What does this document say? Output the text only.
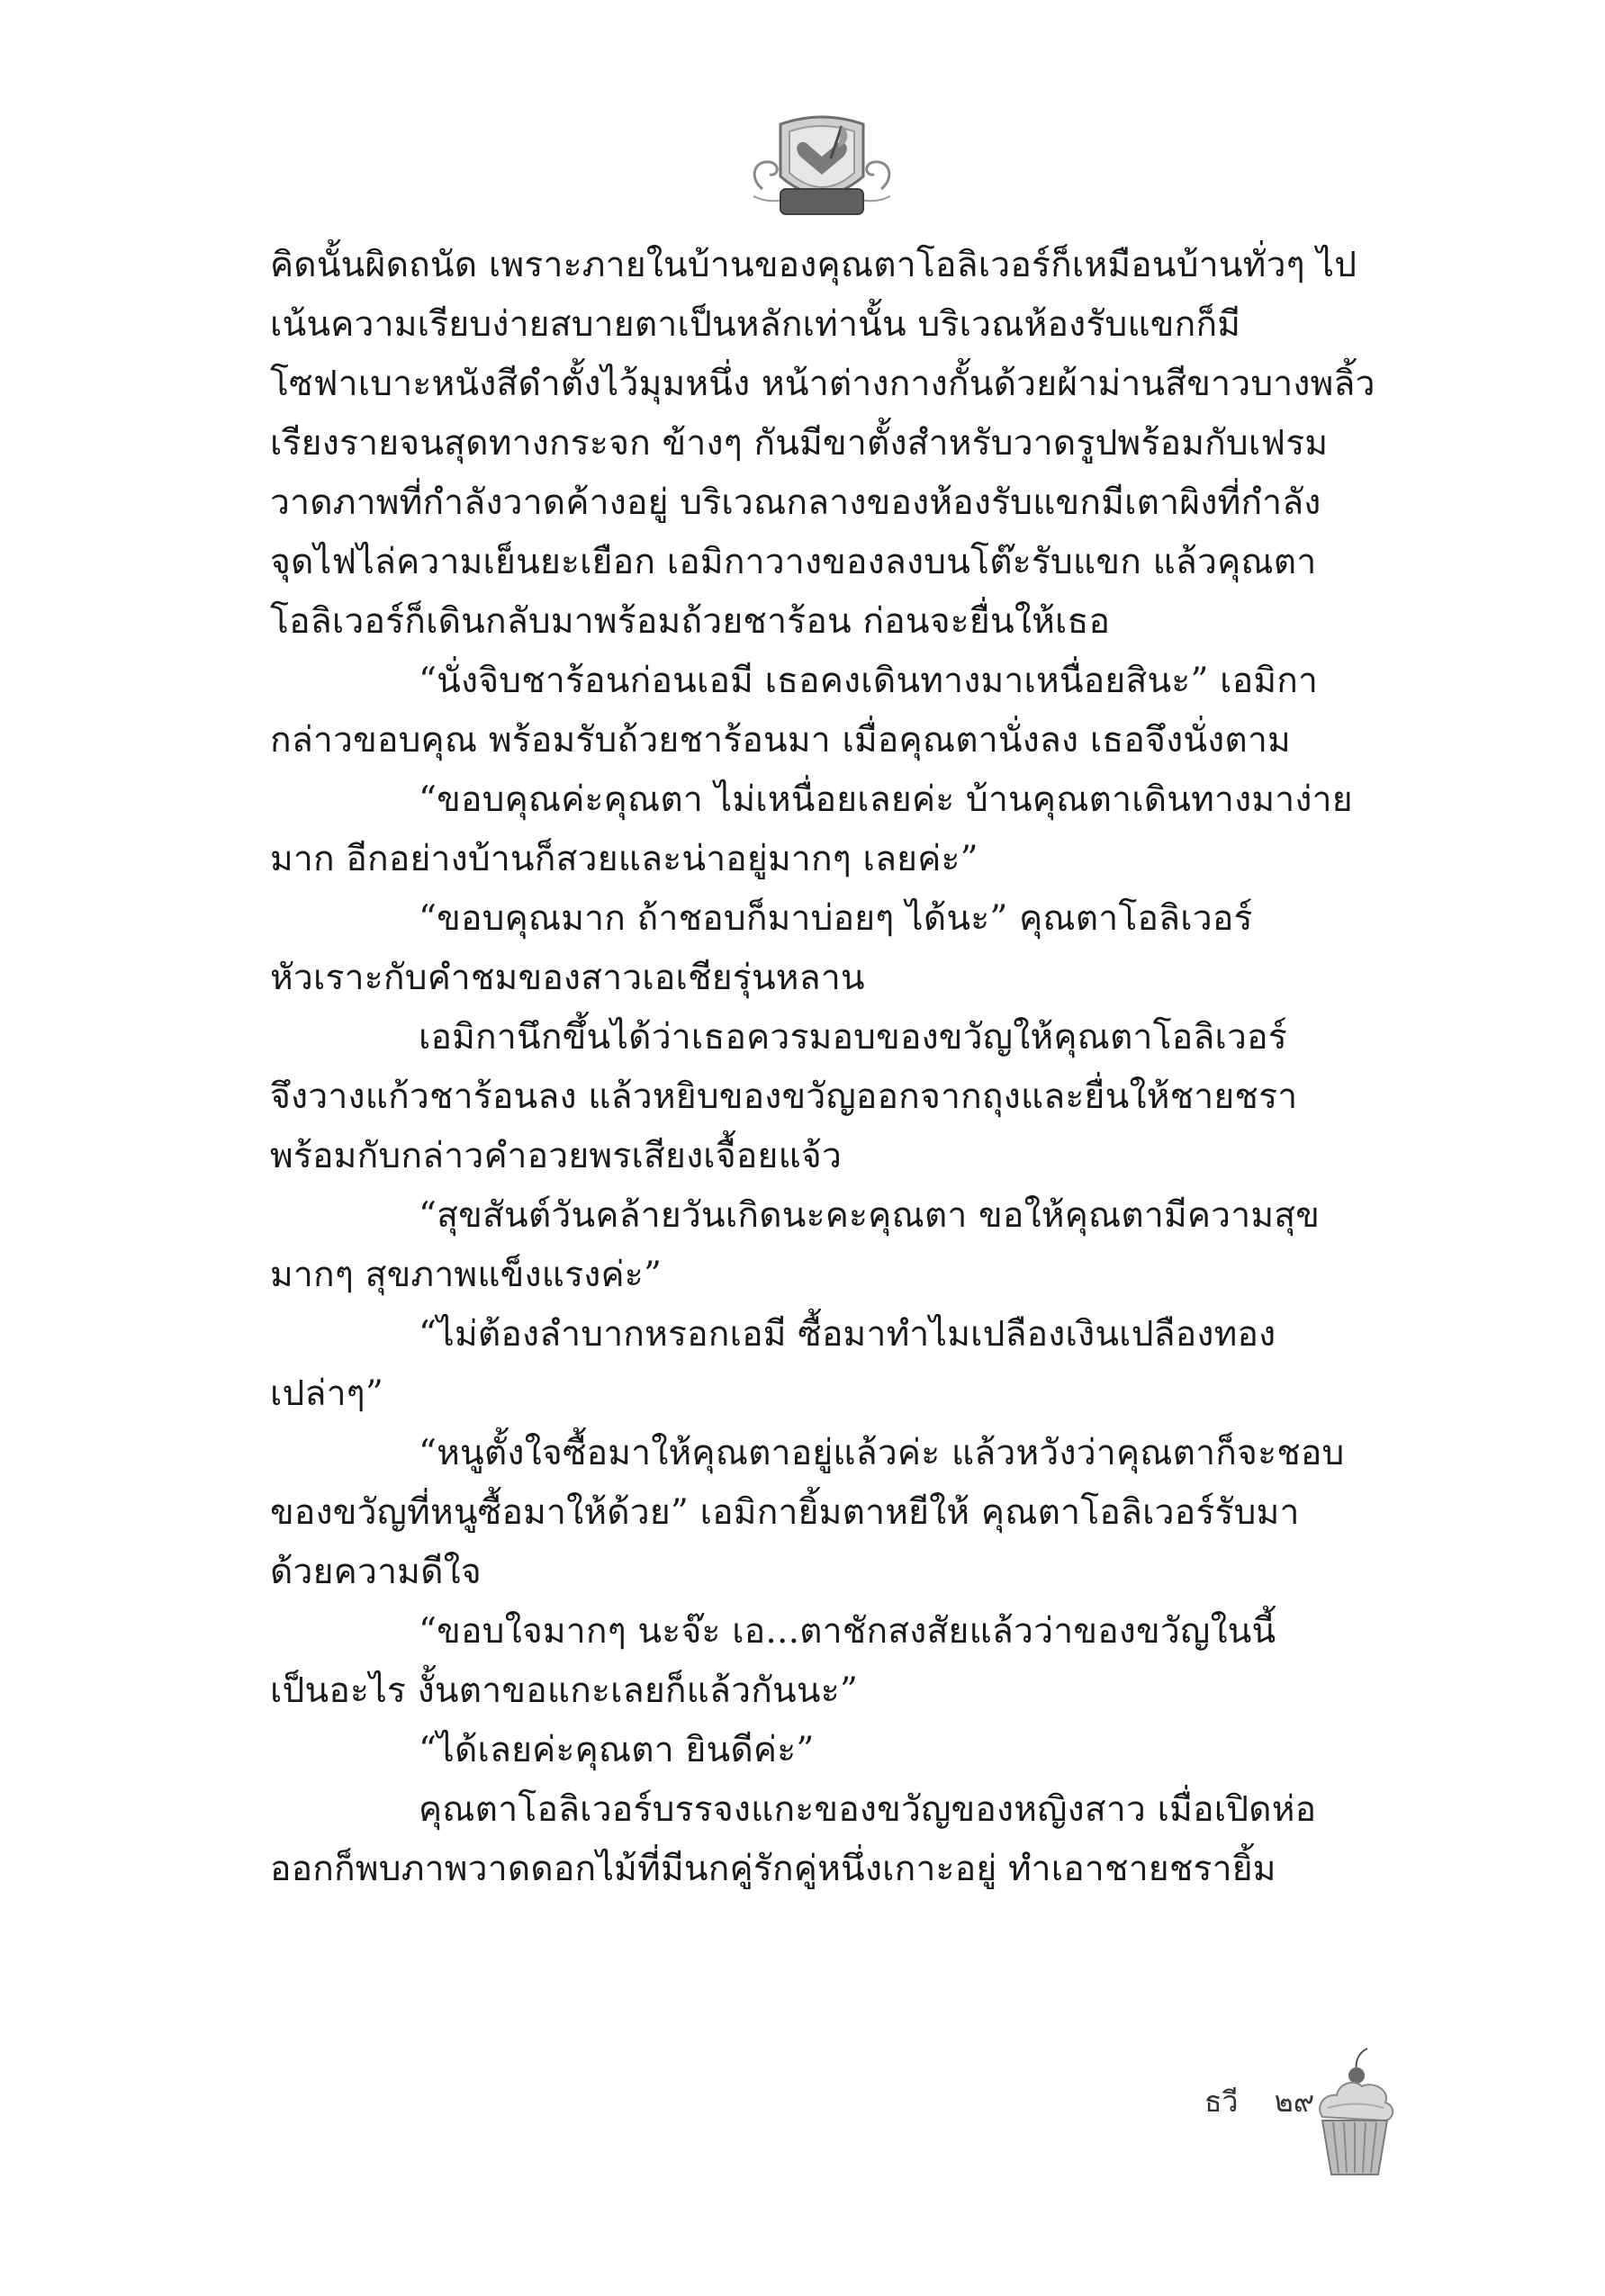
คิดนั้นผิดถนัด เพราะภายในบ้านของคุณตาโอลิเวอร์ก็เหมือนบ้านทั่วๆ ไป
เน้นความเรียบง่ายสบายตาเป็นหลักเท่านั้น บริเวณห้องรับแขกก็มี
โซฟาเบาะหนังสีดำตั้งไว้มุมหนึ่ง หน้าต่างกางกั้นด้วยผ้าม่านสีขาวบางพลิ้ว
เรียงรายจนสุดทางกระจก ข้างๆ กันมีขาตั้งสำหรับวาดรูปพร้อมกับเฟรม
วาดภาพที่กำลังวาดค้างอยู่ บริเวณกลางของห้องรับแขกมีเตาผิงที่กำลัง
จุดไฟไล่ความเย็นยะเยือก เอมิกาวางของลงบนโต๊ะรับแขก แล้วคุณตา
โอลิเวอร์ก็เดินกลับมาพร้อมถ้วยชาร้อน ก่อนจะยื่นให้เธอ
“นั่งจิบชาร้อนก่อนเอมี เธอคงเดินทางมาเหนื่อยสินะ” เอมิกา
กล่าวขอบคุณ พร้อมรับถ้วยชาร้อนมา เมื่อคุณตานั่งลง เธอจึงนั่งตาม
“ขอบคุณค่ะคุณตา ไม่เหนื่อยเลยค่ะ บ้านคุณตาเดินทางมาง่าย
มาก อีกอย่างบ้านก็สวยและน่าอยู่มากๆ เลยค่ะ”
“ขอบคุณมาก ถ้าชอบก็มาบ่อยๆ ได้นะ” คุณตาโอลิเวอร์
หัวเราะกับคำชมของสาวเอเชียรุ่นหลาน
เอมิกานึกขึ้นได้ว่าเธอควรมอบของขวัญให้คุณตาโอลิเวอร์
จึงวางแก้วชาร้อนลง แล้วหยิบของขวัญออกจากถุงและยื่นให้ชายชรา
พร้อมกับกล่าวคำอวยพรเสียงเจื้อยแจ้ว
“สุขสันต์วันคล้ายวันเกิดนะคะคุณตา ขอให้คุณตามีความสุข
มากๆ สุขภาพแข็งแรงค่ะ”
“ไม่ต้องลำบากหรอกเอมี ซื้อมาทำไมเปลืองเงินเปลืองทอง
เปล่าๆ”
“หนูตั้งใจซื้อมาให้คุณตาอยู่แล้วค่ะ แล้วหวังว่าคุณตาก็จะชอบ
ของขวัญที่หนูซื้อมาให้ด้วย” เอมิกายิ้มตาหยีให้ คุณตาโอลิเวอร์รับมา
ด้วยความดีใจ
“ขอบใจมากๆ นะจ๊ะ เอ...ตาชักสงสัยแล้วว่าของขวัญในนี้
เป็นอะไร งั้นตาขอแกะเลยก็แล้วกันนะ”
“ได้เลยค่ะคุณตา ยินดีค่ะ”
คุณตาโอลิเวอร์บรรจงแกะของขวัญของหญิงสาว เมื่อเปิดห่อ
ออกก็พบภาพวาดดอกไม้ที่มีนกคู่รักคู่หนึ่งเกาะอยู่ ทำเอาชายชรายิ้ม
ธวี ๒๙
